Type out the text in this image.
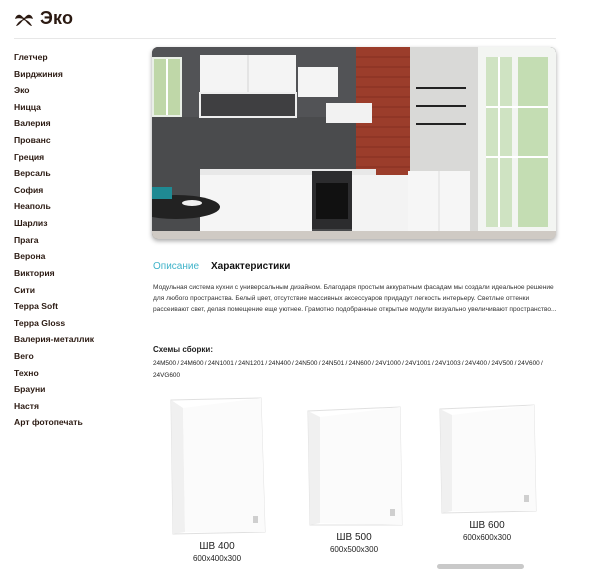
Эко
Глетчер
Вирджиния
Эко
Ницца
Валерия
Прованс
Греция
Версаль
София
Неаполь
Шарлиз
Прага
Верона
Виктория
Сити
Терра Soft
Терра Gloss
Валерия-металлик
Вего
Техно
Брауни
Настя
Арт фотопечать
Описание Характеристики
Модульная система кухни с универсальным дизайном. Благодаря простым аккуратным фасадам мы создали идеальное решение для любого пространства. Белый цвет, отсутствие массивных аксессуаров придадут легкость интерьеру. Светлые оттенки рассеивают свет, делая помещение еще уютнее. Грамотно подобранные открытые модули визуально увеличивают пространство...
Схемы сборки:
24M500 / 24M600 / 24N1001 / 24N1201 / 24N400 / 24N500 / 24N501 / 24N600 / 24V1000 / 24V1001 / 24V1003 / 24V400 / 24V500 / 24V600 / 24VG600
ШВ 400
600x400x300
ШВ 500
600x500x300
ШВ 600
600x600x300
